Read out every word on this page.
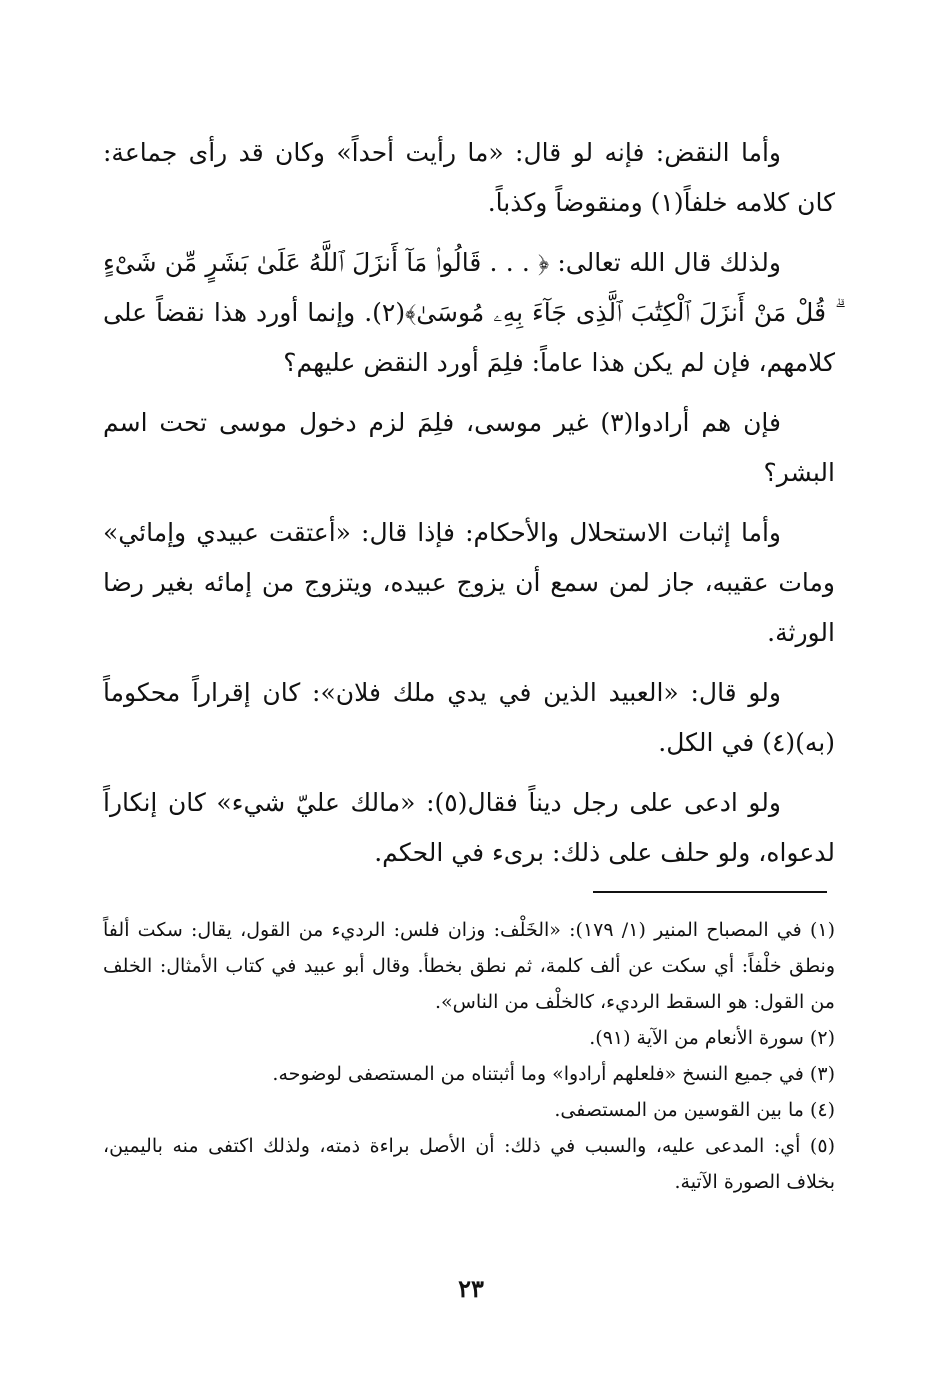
وأما النقض: فإنه لو قال: «ما رأيت أحداً» وكان قد رأى جماعة: كان كلامه خلفاً(١) ومنقوضاً وكذباً.

ولذلك قال الله تعالى: ﴿ . . . قَالُوا۟ مَآ أَنزَلَ ٱللَّهُ عَلَىٰ بَشَرٍ مِّن شَىْءٍ ۗ قُلْ مَنْ أَنزَلَ ٱلْكِتَٰبَ ٱلَّذِى جَآءَ بِهِۦ مُوسَىٰ﴾(٢). وإنما أورد هذا نقضاً على كلامهم، فإن لم يكن هذا عاماً: فلِمَ أورد النقض عليهم؟

فإن هم أرادوا(٣) غير موسى، فلِمَ لزم دخول موسى تحت اسم البشر؟

وأما إثبات الاستحلال والأحكام: فإذا قال: «أعتقت عبيدي وإمائي» ومات عقيبه، جاز لمن سمع أن يزوج عبيده، ويتزوج من إمائه بغير رضا الورثة.

ولو قال: «العبيد الذين في يدي ملك فلان»: كان إقراراً محكوماً (به)(٤) في الكل.

ولو ادعى على رجل ديناً فقال(٥): «مالك عليّ شيء» كان إنكاراً لدعواه، ولو حلف على ذلك: برىء في الحكم.

(١) في المصباح المنير (١/ ١٧٩): «الخَلْف: وزان فلس: الرديء من القول، يقال: سكت ألفاً ونطق خلْفاً: أي سكت عن ألف كلمة، ثم نطق بخطأ. وقال أبو عبيد في كتاب الأمثال: الخلف من القول: هو السقط الرديء، كالخلْف من الناس».

(٢) سورة الأنعام من الآية (٩١).

(٣) في جميع النسخ «فلعلهم أرادوا» وما أثبتناه من المستصفى لوضوحه.

(٤) ما بين القوسين من المستصفى.

(٥) أي: المدعى عليه، والسبب في ذلك: أن الأصل براءة ذمته، ولذلك اكتفى منه باليمين، بخلاف الصورة الآتية.

٢٣
